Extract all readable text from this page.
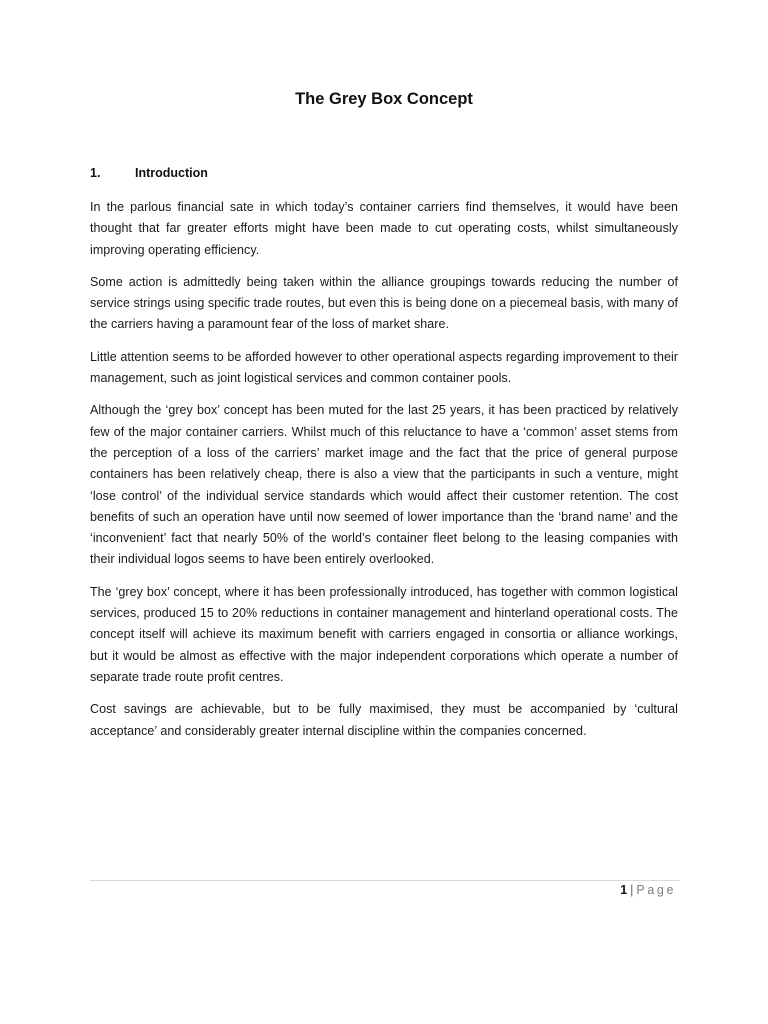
The Grey Box Concept
1.	Introduction

In the parlous financial sate in which today’s container carriers find themselves, it would have been thought that far greater efforts might have been made to cut operating costs, whilst simultaneously improving operating efficiency.

Some action is admittedly being taken within the alliance groupings towards reducing the number of service strings using specific trade routes, but even this is being done on a piecemeal basis, with many of the carriers having a paramount fear of the loss of market share.

Little attention seems to be afforded however to other operational aspects regarding improvement to their management, such as joint logistical services and common container pools.

Although the ‘grey box’ concept has been muted for the last 25 years, it has been practiced by relatively few of the major container carriers. Whilst much of this reluctance to have a ‘common’ asset stems from the perception of a loss of the carriers’ market image and the fact that the price of general purpose containers has been relatively cheap, there is also a view that the participants in such a venture, might ‘lose control’ of the individual service standards which would affect their customer retention. The cost benefits of such an operation have until now seemed of lower importance than the ‘brand name’ and the ‘inconvenient’ fact that nearly 50% of the world’s container fleet belong to the leasing companies with their individual logos seems to have been entirely overlooked.

The ‘grey box’ concept, where it has been professionally introduced, has together with common logistical services, produced 15 to 20% reductions in container management and hinterland operational costs. The concept itself will achieve its maximum benefit with carriers engaged in consortia or alliance workings, but it would be almost as effective with the major independent corporations which operate a number of separate trade route profit centres.

Cost savings are achievable, but to be fully maximised, they must be accompanied by ‘cultural acceptance’ and considerably greater internal discipline within the companies concerned.

1 | Page
